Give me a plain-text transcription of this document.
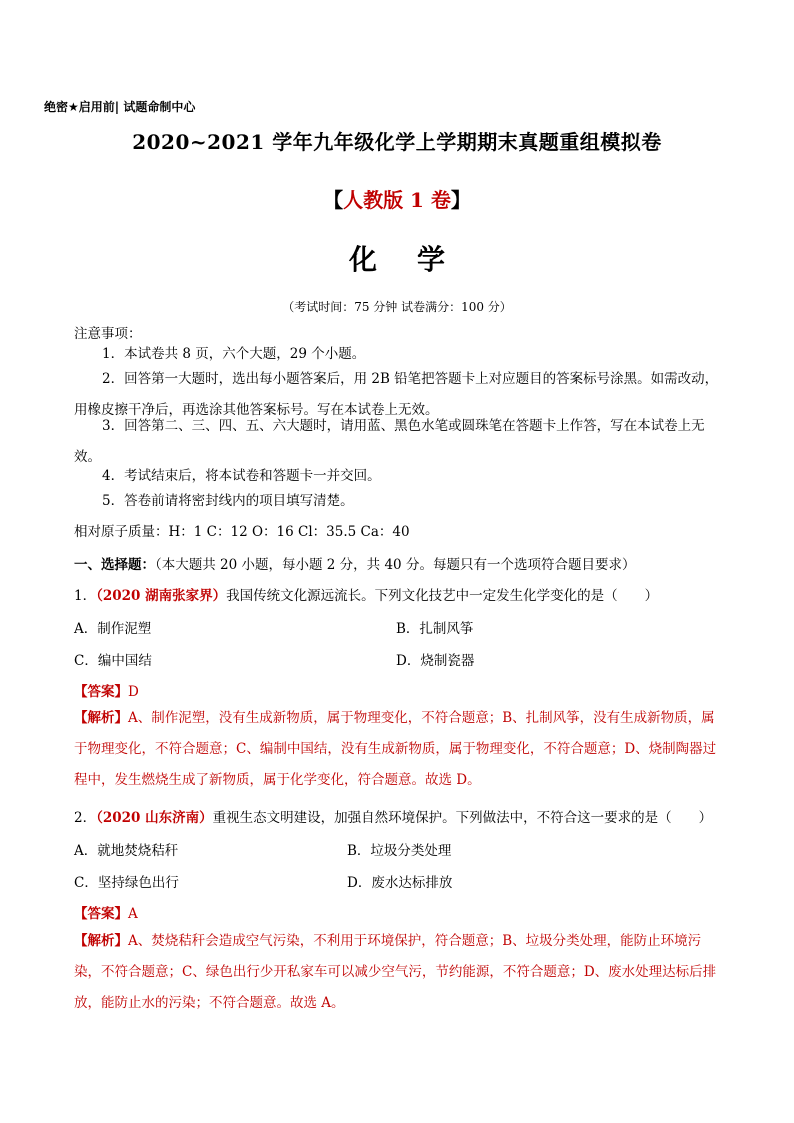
绝密★启用前| 试题命制中心
2020~2021 学年九年级化学上学期期末真题重组模拟卷
【人教版 1 卷】
化学
（考试时间：75 分钟 试卷满分：100 分）
注意事项：
1．本试卷共 8 页，六个大题，29 个小题。
2．回答第一大题时，选出每小题答案后，用 2B 铅笔把答题卡上对应题目的答案标号涂黑。如需改动，用橡皮擦干净后，再选涂其他答案标号。写在本试卷上无效。
3．回答第二、三、四、五、六大题时，请用蓝、黑色水笔或圆珠笔在答题卡上作答，写在本试卷上无效。
4．考试结束后，将本试卷和答题卡一并交回。
5．答卷前请将密封线内的项目填写清楚。
相对原子质量：H：1 C：12 O：16 Cl：35.5 Ca：40
一、选择题：（本大题共 20 小题，每小题 2 分，共 40 分。每题只有一个选项符合题目要求）
1．（2020 湖南张家界）我国传统文化源远流长。下列文化技艺中一定发生化学变化的是（　　）
A．制作泥塑	B．扎制风筝
C．编中国结	D．烧制瓷器
【答案】D
【解析】A、制作泥塑，没有生成新物质，属于物理变化，不符合题意；B、扎制风筝，没有生成新物质，属于物理变化，不符合题意；C、编制中国结，没有生成新物质，属于物理变化，不符合题意；D、烧制陶器过程中，发生燃烧生成了新物质，属于化学变化，符合题意。故选 D。
2．（2020 山东济南）重视生态文明建设，加强自然环境保护。下列做法中，不符合这一要求的是（　　）
A．就地焚烧秸秆	B．垃圾分类处理
C．坚持绿色出行	D．废水达标排放
【答案】A
【解析】A、焚烧秸秆会造成空气污染，不利用于环境保护，符合题意；B、垃圾分类处理，能防止环境污染，不符合题意；C、绿色出行少开私家车可以减少空气污，节约能源，不符合题意；D、废水处理达标后排放，能防止水的污染；不符合题意。故选 A。
